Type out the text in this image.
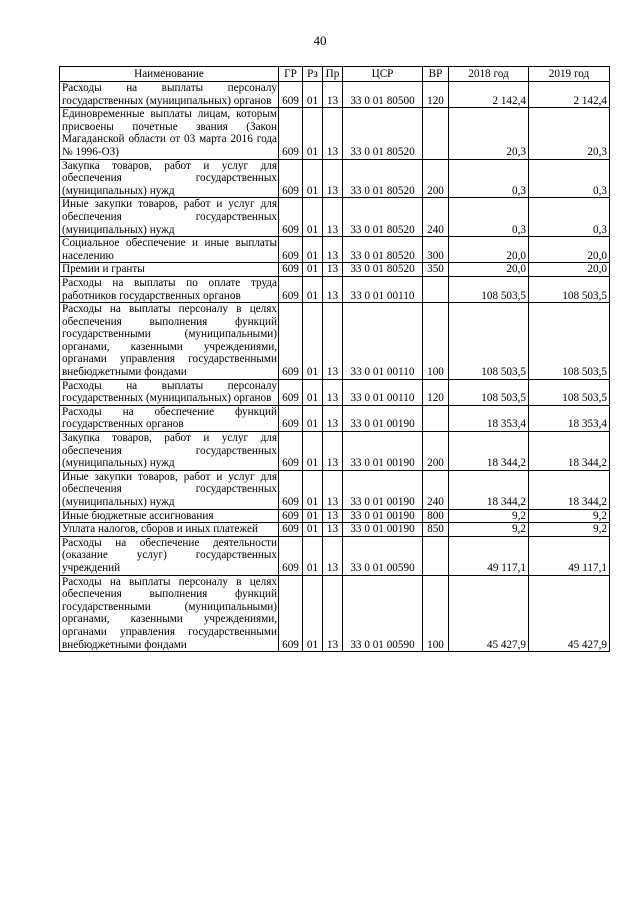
40
Наименование	ГР	Рз	Пр	ЦСР	ВР	2018 год	2019 год
Расходы на выплаты персоналу государственных (муниципальных) органов	609	01	13	33 0 01 80500	120	2 142,4	2 142,4
Единовременные выплаты лицам, которым присвоены почетные звания (Закон Магаданской области от 03 марта 2016 года № 1996-ОЗ)	609	01	13	33 0 01 80520		20,3	20,3
Закупка товаров, работ и услуг для обеспечения государственных (муниципальных) нужд	609	01	13	33 0 01 80520	200	0,3	0,3
Иные закупки товаров, работ и услуг для обеспечения государственных (муниципальных) нужд	609	01	13	33 0 01 80520	240	0,3	0,3
Социальное обеспечение и иные выплаты населению	609	01	13	33 0 01 80520	300	20,0	20,0
Премии и гранты	609	01	13	33 0 01 80520	350	20,0	20,0
Расходы на выплаты по оплате труда работников государственных органов	609	01	13	33 0 01 00110		108 503,5	108 503,5
Расходы на выплаты персоналу в целях обеспечения выполнения функций государственными (муниципальными) органами, казенными учреждениями, органами управления государственными внебюджетными фондами	609	01	13	33 0 01 00110	100	108 503,5	108 503,5
Расходы на выплаты персоналу государственных (муниципальных) органов	609	01	13	33 0 01 00110	120	108 503,5	108 503,5
Расходы на обеспечение функций государственных органов	609	01	13	33 0 01 00190		18 353,4	18 353,4
Закупка товаров, работ и услуг для обеспечения государственных (муниципальных) нужд	609	01	13	33 0 01 00190	200	18 344,2	18 344,2
Иные закупки товаров, работ и услуг для обеспечения государственных (муниципальных) нужд	609	01	13	33 0 01 00190	240	18 344,2	18 344,2
Иные бюджетные ассигнования	609	01	13	33 0 01 00190	800	9,2	9,2
Уплата налогов, сборов и иных платежей	609	01	13	33 0 01 00190	850	9,2	9,2
Расходы на обеспечение деятельности (оказание услуг) государственных учреждений	609	01	13	33 0 01 00590		49 117,1	49 117,1
Расходы на выплаты персоналу в целях обеспечения выполнения функций государственными (муниципальными) органами, казенными учреждениями, органами управления государственными внебюджетными фондами	609	01	13	33 0 01 00590	100	45 427,9	45 427,9
